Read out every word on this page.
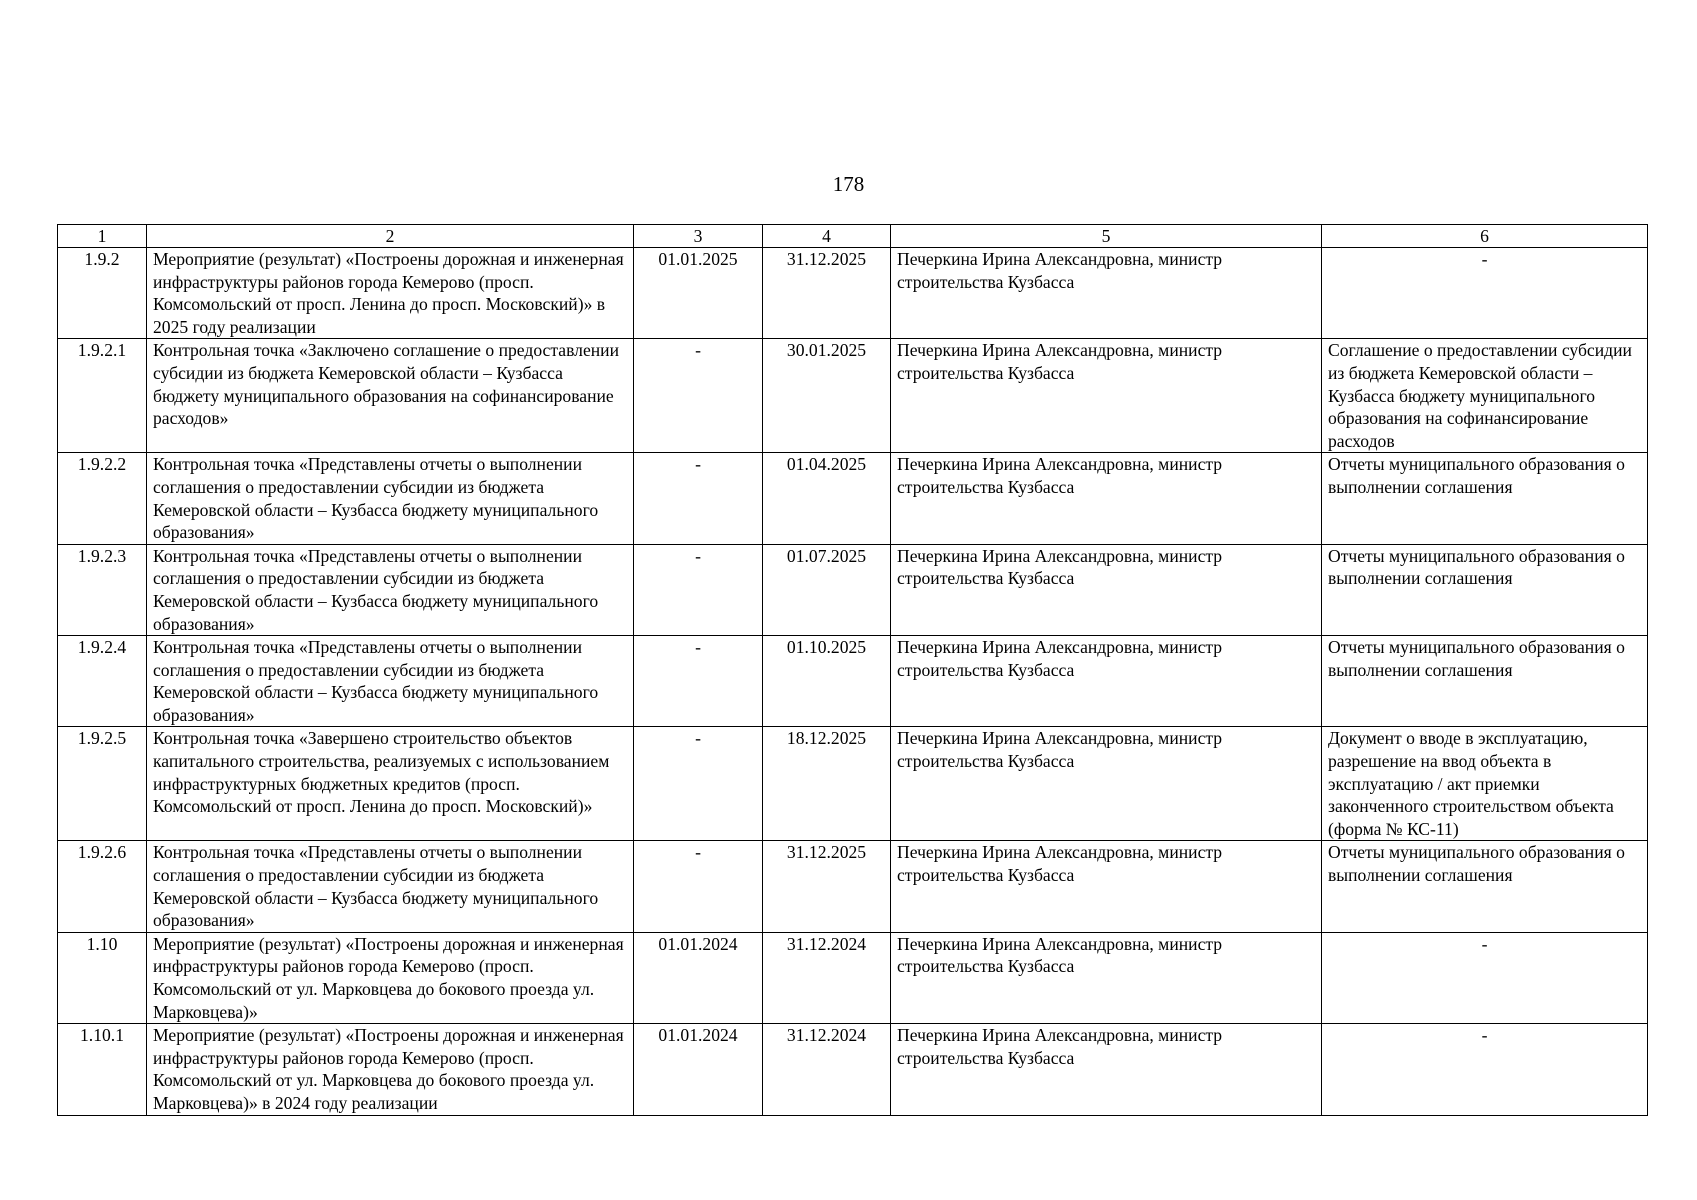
178
1	2	3	4	5	6
1.9.2	Мероприятие (результат) «Построены дорожная и инженерная инфраструктуры районов города Кемерово (просп. Комсомольский от просп. Ленина до просп. Московский)» в 2025 году реализации	01.01.2025	31.12.2025	Печеркина Ирина Александровна, министр строительства Кузбасса	-
1.9.2.1	Контрольная точка «Заключено соглашение о предоставлении субсидии из бюджета Кемеровской области – Кузбасса бюджету муниципального образования на софинансирование расходов»	-	30.01.2025	Печеркина Ирина Александровна, министр строительства Кузбасса	Соглашение о предоставлении субсидии из бюджета Кемеровской области – Кузбасса бюджету муниципального образования на софинансирование расходов
1.9.2.2	Контрольная точка «Представлены отчеты о выполнении соглашения о предоставлении субсидии из бюджета Кемеровской области – Кузбасса бюджету муниципального образования»	-	01.04.2025	Печеркина Ирина Александровна, министр строительства Кузбасса	Отчеты муниципального образования о выполнении соглашения
1.9.2.3	Контрольная точка «Представлены отчеты о выполнении соглашения о предоставлении субсидии из бюджета Кемеровской области – Кузбасса бюджету муниципального образования»	-	01.07.2025	Печеркина Ирина Александровна, министр строительства Кузбасса	Отчеты муниципального образования о выполнении соглашения
1.9.2.4	Контрольная точка «Представлены отчеты о выполнении соглашения о предоставлении субсидии из бюджета Кемеровской области – Кузбасса бюджету муниципального образования»	-	01.10.2025	Печеркина Ирина Александровна, министр строительства Кузбасса	Отчеты муниципального образования о выполнении соглашения
1.9.2.5	Контрольная точка «Завершено строительство объектов капитального строительства, реализуемых с использованием инфраструктурных бюджетных кредитов (просп. Комсомольский от просп. Ленина до просп. Московский)»	-	18.12.2025	Печеркина Ирина Александровна, министр строительства Кузбасса	Документ о вводе в эксплуатацию, разрешение на ввод объекта в эксплуатацию / акт приемки законченного строительством объекта (форма № КС-11)
1.9.2.6	Контрольная точка «Представлены отчеты о выполнении соглашения о предоставлении субсидии из бюджета Кемеровской области – Кузбасса бюджету муниципального образования»	-	31.12.2025	Печеркина Ирина Александровна, министр строительства Кузбасса	Отчеты муниципального образования о выполнении соглашения
1.10	Мероприятие (результат) «Построены дорожная и инженерная инфраструктуры районов города Кемерово (просп. Комсомольский от ул. Марковцева до бокового проезда ул. Марковцева)»	01.01.2024	31.12.2024	Печеркина Ирина Александровна, министр строительства Кузбасса	-
1.10.1	Мероприятие (результат) «Построены дорожная и инженерная инфраструктуры районов города Кемерово (просп. Комсомольский от ул. Марковцева до бокового проезда ул. Марковцева)» в 2024 году реализации	01.01.2024	31.12.2024	Печеркина Ирина Александровна, министр строительства Кузбасса	-
